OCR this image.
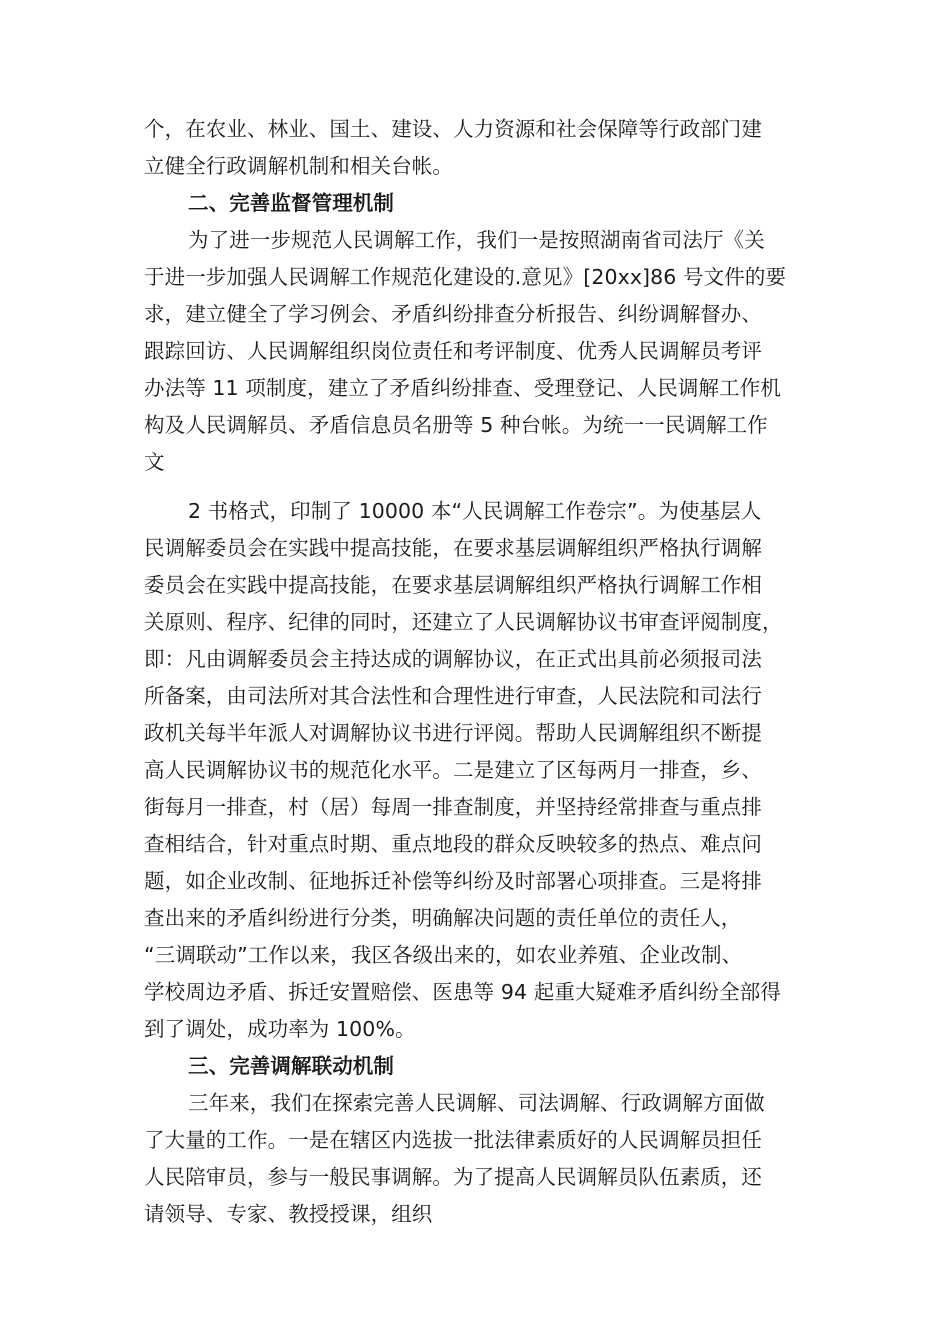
个，在农业、林业、国土、建设、人力资源和社会保障等行政部门建
立健全行政调解机制和相关台帐。
二、完善监督管理机制
为了进一步规范人民调解工作，我们一是按照湖南省司法厅《关
于进一步加强人民调解工作规范化建设的.意见》[20xx]86 号文件的要
求，建立健全了学习例会、矛盾纠纷排查分析报告、纠纷调解督办、
跟踪回访、人民调解组织岗位责任和考评制度、优秀人民调解员考评
办法等 11 项制度，建立了矛盾纠纷排查、受理登记、人民调解工作机
构及人民调解员、矛盾信息员名册等 5 种台帐。为统一一民调解工作
文
2 书格式，印制了 10000 本“人民调解工作卷宗”。为使基层人
民调解委员会在实践中提高技能，在要求基层调解组织严格执行调解
委员会在实践中提高技能，在要求基层调解组织严格执行调解工作相
关原则、程序、纪律的同时，还建立了人民调解协议书审查评阅制度，
即：凡由调解委员会主持达成的调解协议，在正式出具前必须报司法
所备案，由司法所对其合法性和合理性进行审查，人民法院和司法行
政机关每半年派人对调解协议书进行评阅。帮助人民调解组织不断提
高人民调解协议书的规范化水平。二是建立了区每两月一排查，乡、
街每月一排查，村（居）每周一排查制度，并坚持经常排查与重点排
查相结合，针对重点时期、重点地段的群众反映较多的热点、难点问
题，如企业改制、征地拆迁补偿等纠纷及时部署心项排查。三是将排
查出来的矛盾纠纷进行分类，明确解决问题的责任单位的责任人，
“三调联动”工作以来，我区各级出来的，如农业养殖、企业改制、
学校周边矛盾、拆迁安置赔偿、医患等 94 起重大疑难矛盾纠纷全部得
到了调处，成功率为 100%。
三、完善调解联动机制
三年来，我们在探索完善人民调解、司法调解、行政调解方面做
了大量的工作。一是在辖区内选拔一批法律素质好的人民调解员担任
人民陪审员，参与一般民事调解。为了提高人民调解员队伍素质，还
请领导、专家、教授授课，组织
